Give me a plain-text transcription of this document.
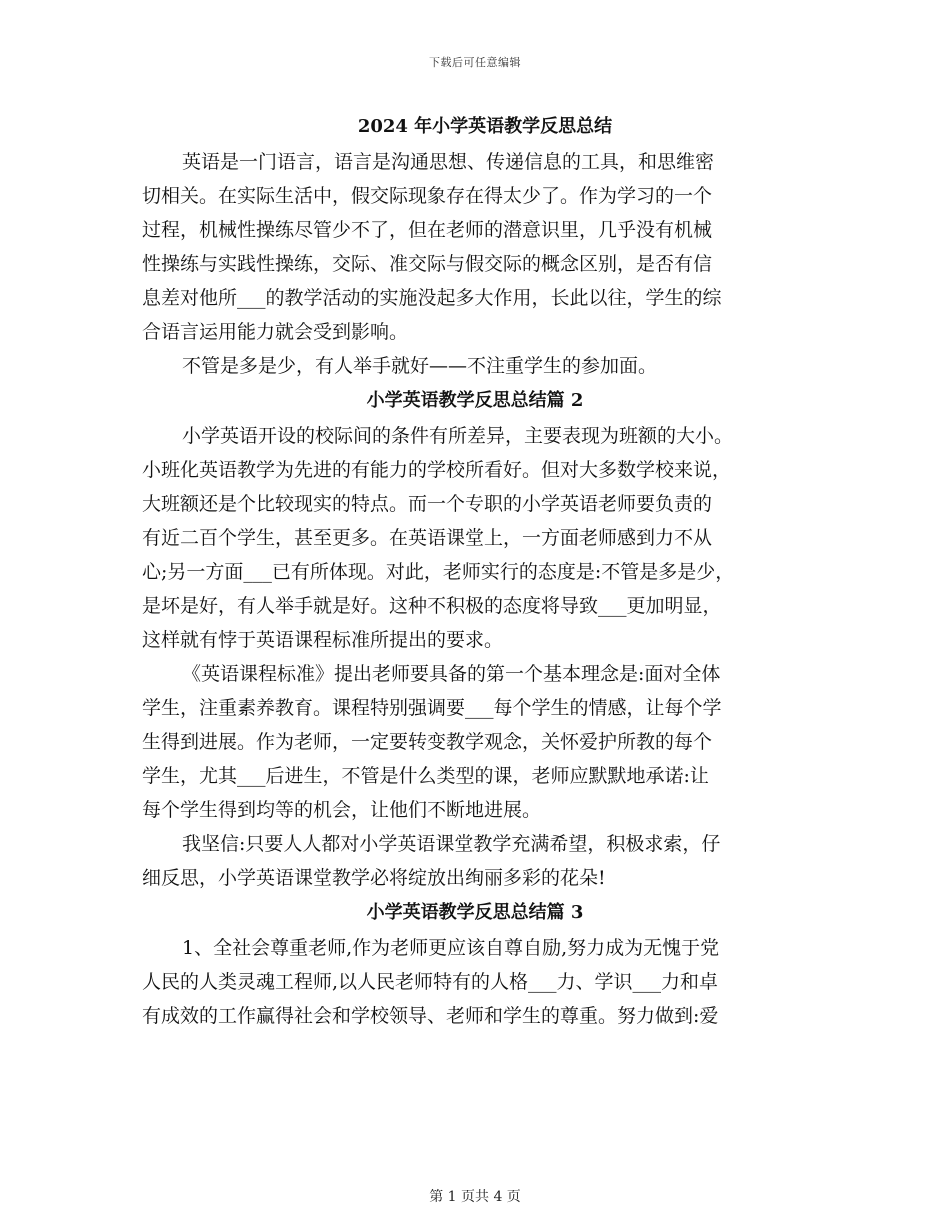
下载后可任意编辑
2024 年小学英语教学反思总结
英语是一门语言，语言是沟通思想、传递信息的工具，和思维密
切相关。在实际生活中，假交际现象存在得太少了。作为学习的一个
过程，机械性操练尽管少不了，但在老师的潜意识里，几乎没有机械
性操练与实践性操练，交际、准交际与假交际的概念区别，是否有信
息差对他所___的教学活动的实施没起多大作用，长此以往，学生的综
合语言运用能力就会受到影响。
不管是多是少，有人举手就好——不注重学生的参加面。
小学英语教学反思总结篇 2
小学英语开设的校际间的条件有所差异，主要表现为班额的大小。
小班化英语教学为先进的有能力的学校所看好。但对大多数学校来说，
大班额还是个比较现实的特点。而一个专职的小学英语老师要负责的
有近二百个学生，甚至更多。在英语课堂上，一方面老师感到力不从
心;另一方面___已有所体现。对此，老师实行的态度是:不管是多是少，
是坏是好，有人举手就是好。这种不积极的态度将导致___更加明显，
这样就有悖于英语课程标准所提出的要求。
《英语课程标准》提出老师要具备的第一个基本理念是:面对全体
学生，注重素养教育。课程特别强调要___每个学生的情感，让每个学
生得到进展。作为老师，一定要转变教学观念，关怀爱护所教的每个
学生，尤其___后进生，不管是什么类型的课，老师应默默地承诺:让
每个学生得到均等的机会，让他们不断地进展。
我坚信:只要人人都对小学英语课堂教学充满希望，积极求索，仔
细反思，小学英语课堂教学必将绽放出绚丽多彩的花朵!
小学英语教学反思总结篇 3
1、全社会尊重老师,作为老师更应该自尊自励,努力成为无愧于党
人民的人类灵魂工程师,以人民老师特有的人格___力、学识___力和卓
有成效的工作赢得社会和学校领导、老师和学生的尊重。努力做到:爱
第 1 页共 4 页
